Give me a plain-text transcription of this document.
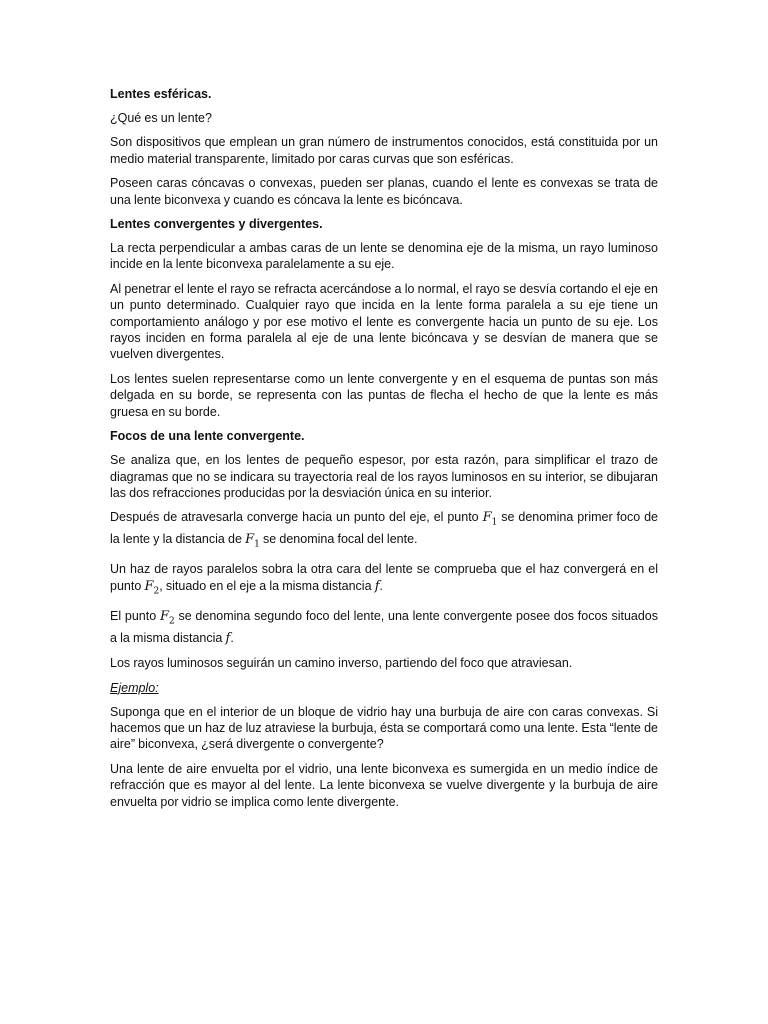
Lentes esféricas.

¿Qué es un lente?

Son dispositivos que emplean un gran número de instrumentos conocidos, está constituida por un medio material transparente, limitado por caras curvas que son esféricas.

Poseen caras cóncavas o convexas, pueden ser planas, cuando el lente es convexas se trata de una lente biconvexa y cuando es cóncava la lente es bicóncava.

Lentes convergentes y divergentes.

La recta perpendicular a ambas caras de un lente se denomina eje de la misma, un rayo luminoso incide en la lente biconvexa paralelamente a su eje.

Al penetrar el lente el rayo se refracta acercándose a lo normal, el rayo se desvía cortando el eje en un punto determinado. Cualquier rayo que incida en la lente forma paralela a su eje tiene un comportamiento análogo y por ese motivo el lente es convergente hacia un punto de su eje. Los rayos inciden en forma paralela al eje de una lente bicóncava y se desvían de manera que se vuelven divergentes.

Los lentes suelen representarse como un lente convergente y en el esquema de puntas son más delgada en su borde, se representa con las puntas de flecha el hecho de que la lente es más gruesa en su borde.

Focos de una lente convergente.

Se analiza que, en los lentes de pequeño espesor, por esta razón, para simplificar el trazo de diagramas que no se indicara su trayectoria real de los rayos luminosos en su interior, se dibujaran las dos refracciones producidas por la desviación única en su interior.

Después de atravesarla converge hacia un punto del eje, el punto $F_1$ se denomina primer foco de la lente y la distancia de $F_1$ se denomina focal del lente.

Un haz de rayos paralelos sobra la otra cara del lente se comprueba que el haz convergerá en el punto $F_2$, situado en el eje a la misma distancia f.

El punto $F_2$ se denomina segundo foco del lente, una lente convergente posee dos focos situados a la misma distancia f.

Los rayos luminosos seguirán un camino inverso, partiendo del foco que atraviesan.

Ejemplo:

Suponga que en el interior de un bloque de vidrio hay una burbuja de aire con caras convexas. Si hacemos que un haz de luz atraviese la burbuja, ésta se comportará como una lente. Esta “lente de aire” biconvexa, ¿será divergente o convergente?

Una lente de aire envuelta por el vidrio, una lente biconvexa es sumergida en un medio índice de refracción que es mayor al del lente. La lente biconvexa se vuelve divergente y la burbuja de aire envuelta por vidrio se implica como lente divergente.
